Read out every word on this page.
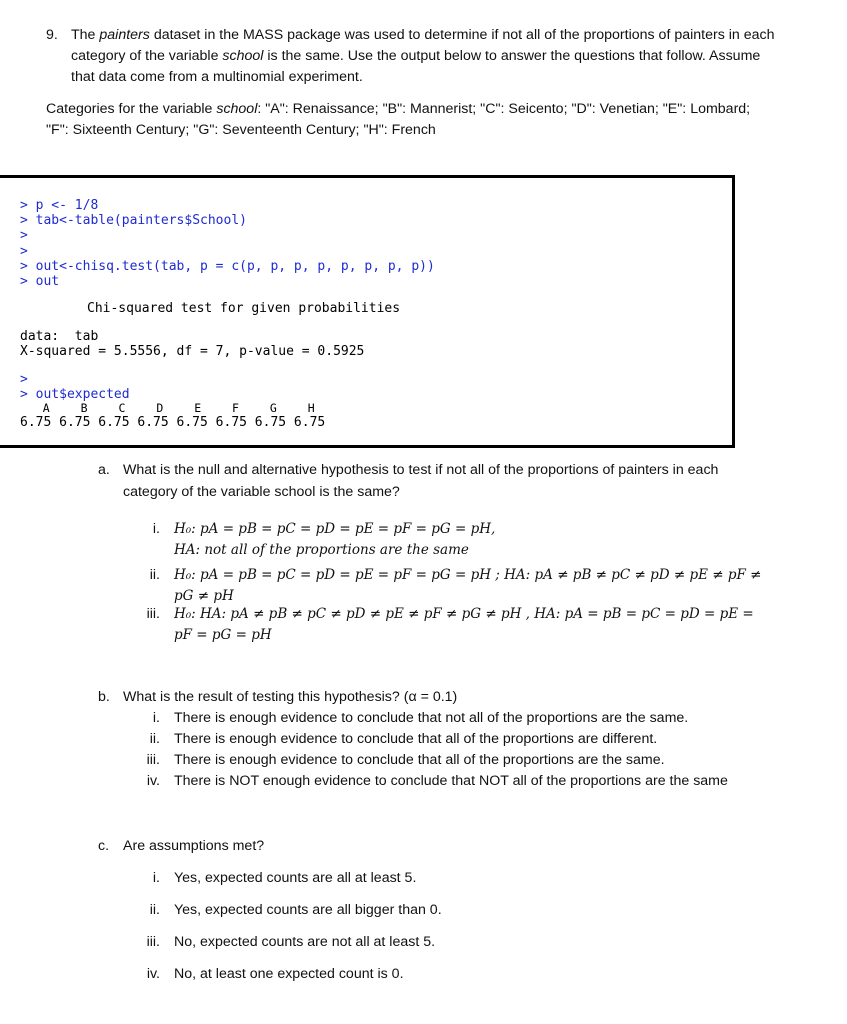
9. The painters dataset in the MASS package was used to determine if not all of the proportions of painters in each
category of the variable school is the same. Use the output below to answer the questions that follow. Assume
that data come from a multinomial experiment.
Categories for the variable school: "A": Renaissance; "B": Mannerist; "C": Seicento; "D": Venetian; "E": Lombard;
"F": Sixteenth Century; "G": Seventeenth Century; "H": French

> p <- 1/8

> tab<-table(painters$School)

>

>

> out<-chisq.test(tab, p = c(p, p, p, p, p, p, p, p))

> out

Chi-squared test for given probabilities

data:  tab

X-squared = 5.5556, df = 7, p-value = 0.5925

>

> out$expected

A    B    C    D    E    F    G    H

6.75 6.75 6.75 6.75 6.75 6.75 6.75 6.75

a. What is the null and alternative hypothesis to test if not all of the proportions of painters in each
category of the variable school is the same?
i. H₀: pA = pB = pC = pD = pE = pF = pG = pH,
HA: not all of the proportions are the same
ii. H₀: pA = pB = pC = pD = pE = pF = pG = pH ; HA: pA ≠ pB ≠ pC ≠ pD ≠ pE ≠ pF ≠
pG ≠ pH
iii. H₀: HA: pA ≠ pB ≠ pC ≠ pD ≠ pE ≠ pF ≠ pG ≠ pH , HA: pA = pB = pC = pD = pE =
pF = pG = pH
b. What is the result of testing this hypothesis? (α = 0.1)
i. There is enough evidence to conclude that not all of the proportions are the same.
ii. There is enough evidence to conclude that all of the proportions are different.
iii. There is enough evidence to conclude that all of the proportions are the same.
iv. There is NOT enough evidence to conclude that NOT all of the proportions are the same
c. Are assumptions met?
i. Yes, expected counts are all at least 5.
ii. Yes, expected counts are all bigger than 0.
iii. No, expected counts are not all at least 5.
iv. No, at least one expected count is 0.
